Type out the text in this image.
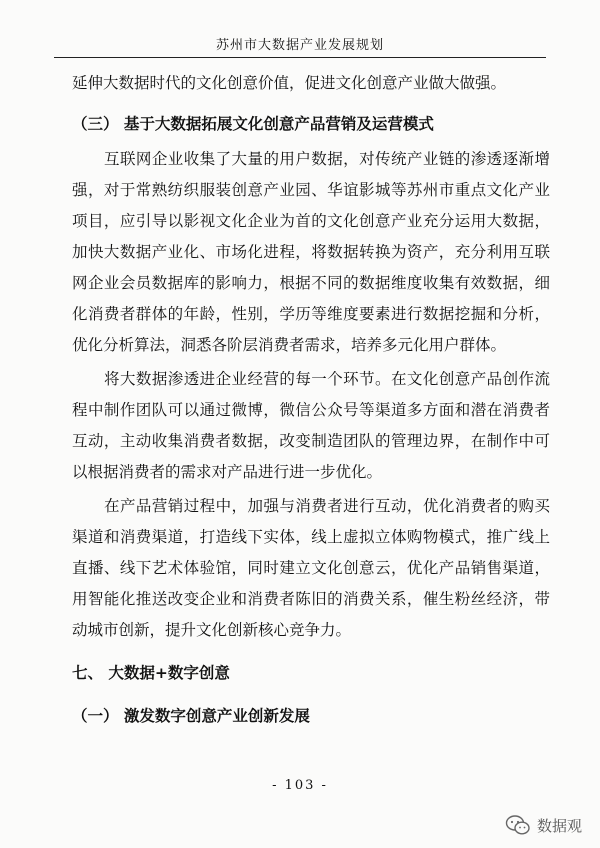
苏州市大数据产业发展规划

延伸大数据时代的文化创意价值，促进文化创意产业做大做强。

（三） 基于大数据拓展文化创意产品营销及运营模式

互联网企业收集了大量的用户数据，对传统产业链的渗透逐渐增强，对于常熟纺织服装创意产业园、华谊影城等苏州市重点文化产业项目，应引导以影视文化企业为首的文化创意产业充分运用大数据，加快大数据产业化、市场化进程，将数据转换为资产，充分利用互联网企业会员数据库的影响力，根据不同的数据维度收集有效数据，细化消费者群体的年龄，性别，学历等维度要素进行数据挖掘和分析，优化分析算法，洞悉各阶层消费者需求，培养多元化用户群体。

将大数据渗透进企业经营的每一个环节。在文化创意产品创作流程中制作团队可以通过微博，微信公众号等渠道多方面和潜在消费者互动，主动收集消费者数据，改变制造团队的管理边界，在制作中可以根据消费者的需求对产品进行进一步优化。

在产品营销过程中，加强与消费者进行互动，优化消费者的购买渠道和消费渠道，打造线下实体，线上虚拟立体购物模式，推广线上直播、线下艺术体验馆，同时建立文化创意云，优化产品销售渠道，用智能化推送改变企业和消费者陈旧的消费关系，催生粉丝经济，带动城市创新，提升文化创新核心竞争力。

七、 大数据+数字创意
（一） 激发数字创意产业创新发展
- 103 -
数据观
